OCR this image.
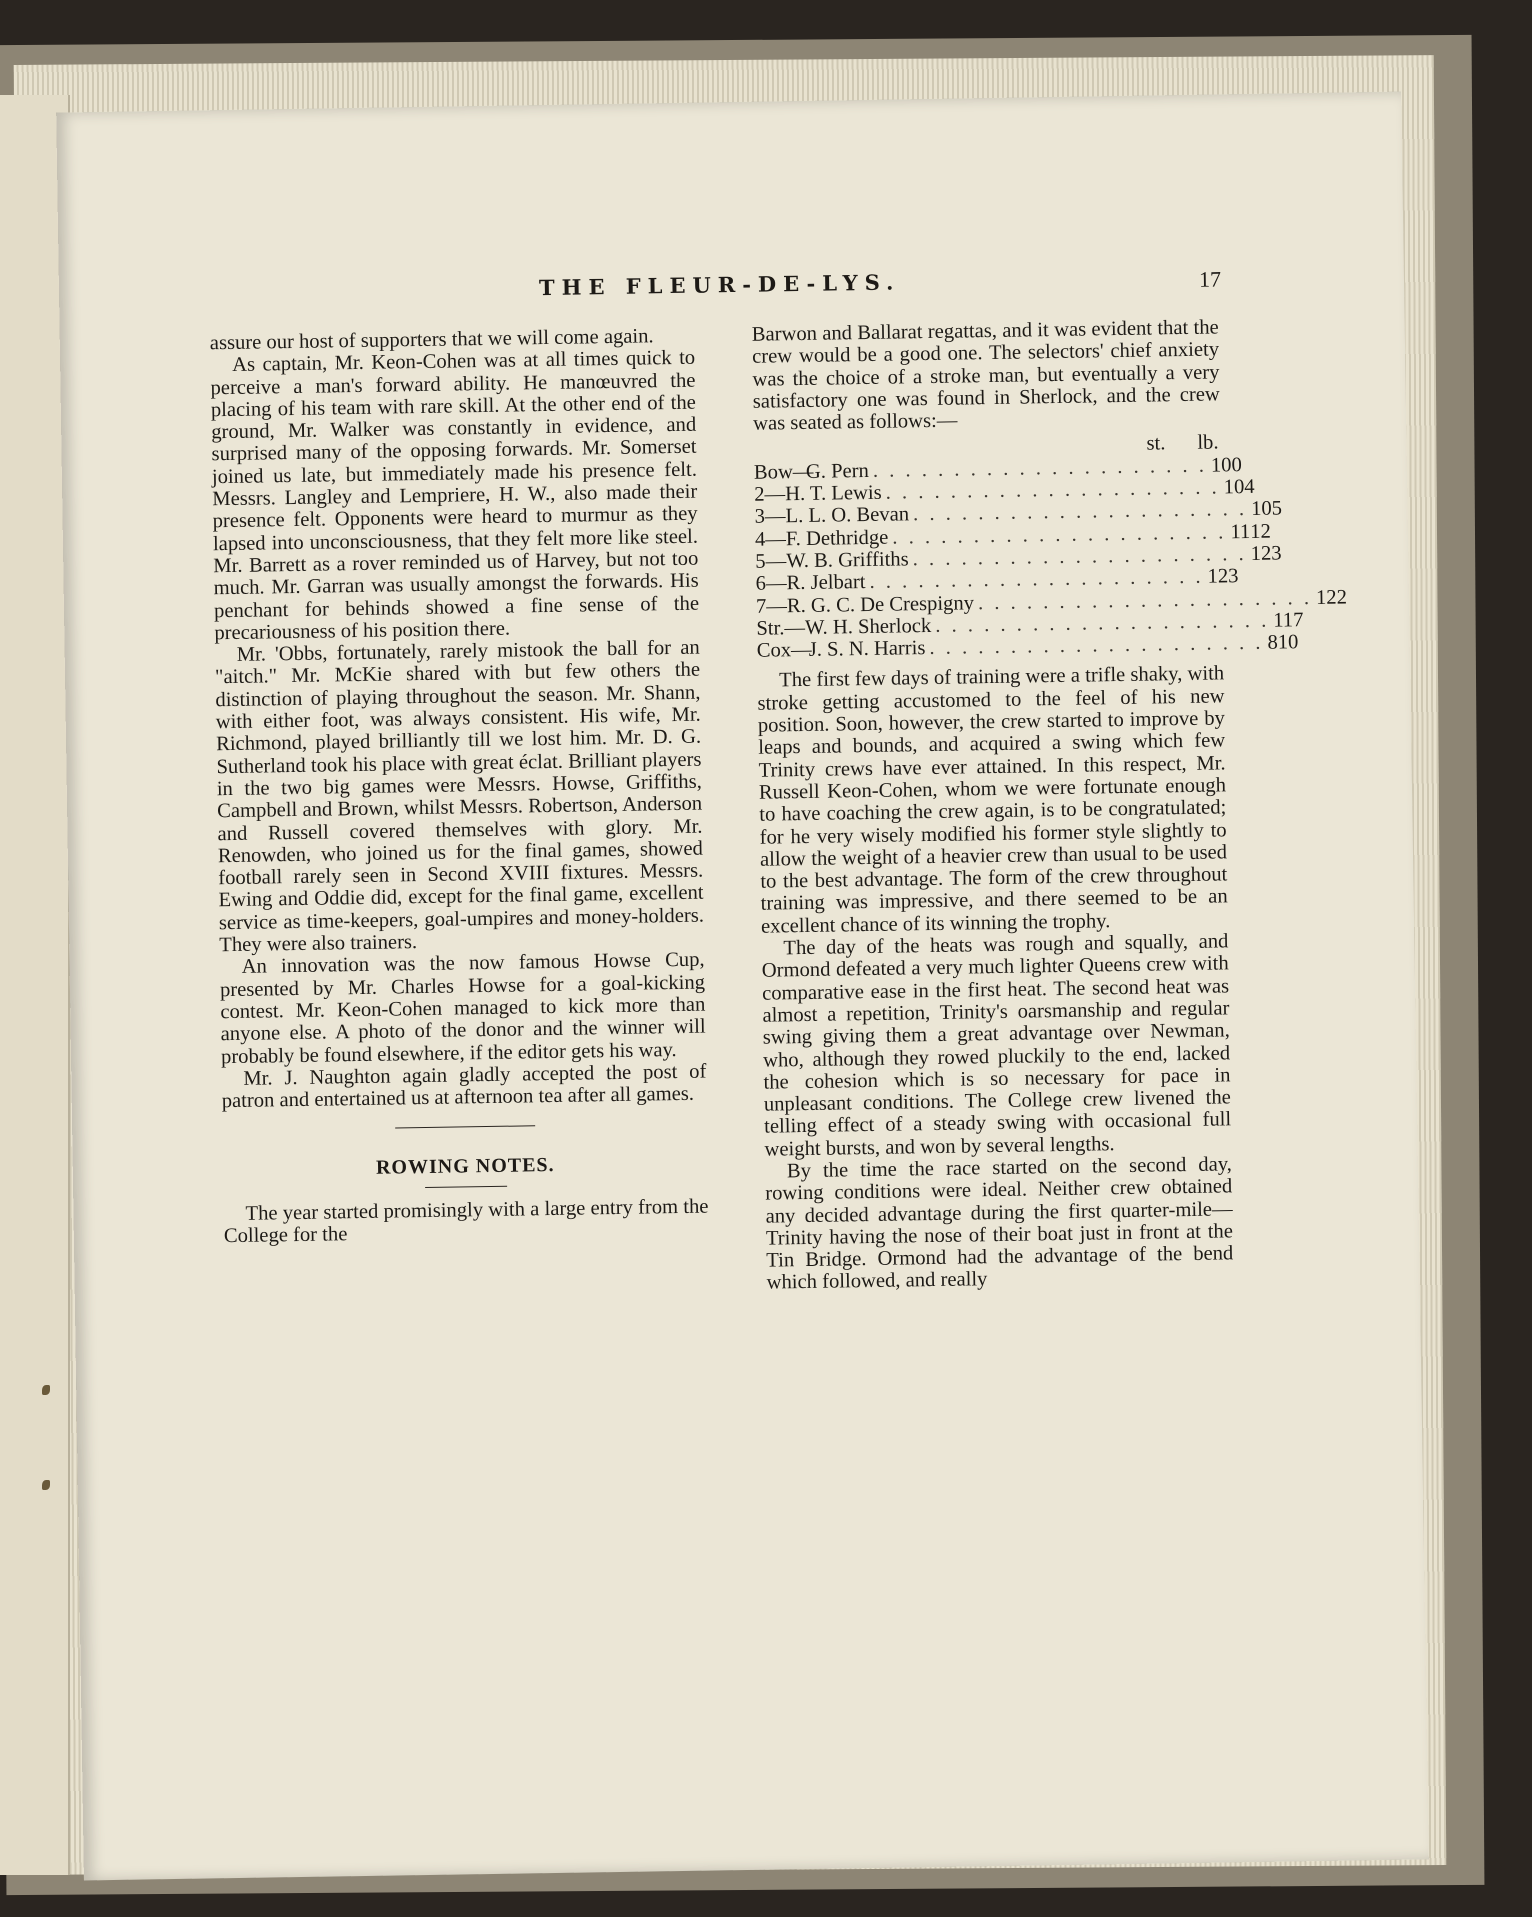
THE FLEUR-DE-LYS.	17

assure our host of supporters that we will come again.

As captain, Mr. Keon-Cohen was at all times quick to perceive a man's forward ability. He manœuvred the placing of his team with rare skill. At the other end of the ground, Mr. Walker was constantly in evidence, and surprised many of the opposing forwards. Mr. Somerset joined us late, but immediately made his presence felt. Messrs. Langley and Lempriere, H. W., also made their presence felt. Opponents were heard to murmur as they lapsed into unconsciousness, that they felt more like steel. Mr. Barrett as a rover reminded us of Harvey, but not too much. Mr. Garran was usually amongst the forwards. His penchant for behinds showed a fine sense of the precariousness of his position there.

Mr. 'Obbs, fortunately, rarely mistook the ball for an "aitch." Mr. McKie shared with but few others the distinction of playing throughout the season. Mr. Shann, with either foot, was always consistent. His wife, Mr. Richmond, played brilliantly till we lost him. Mr. D. G. Sutherland took his place with great éclat. Brilliant players in the two big games were Messrs. Howse, Griffiths, Campbell and Brown, whilst Messrs. Robertson, Anderson and Russell covered themselves with glory. Mr. Renowden, who joined us for the final games, showed football rarely seen in Second XVIII fixtures. Messrs. Ewing and Oddie did, except for the final game, excellent service as time-keepers, goal-umpires and money-holders. They were also trainers.

An innovation was the now famous Howse Cup, presented by Mr. Charles Howse for a goal-kicking contest. Mr. Keon-Cohen managed to kick more than anyone else. A photo of the donor and the winner will probably be found elsewhere, if the editor gets his way.

Mr. J. Naughton again gladly accepted the post of patron and entertained us at afternoon tea after all games.

ROWING NOTES.

The year started promisingly with a large entry from the College for the

Barwon and Ballarat regattas, and it was evident that the crew would be a good one. The selectors' chief anxiety was the choice of a stroke man, but eventually a very satisfactory one was found in Sherlock, and the crew was seated as follows:—

st.	lb.
Bow—
G. Pern . . . . . . . . . . . . . . . . . . . . . 10 0
2— H. T. Lewis . . . . . . . . . . . . . . . . . . . . . 10 4
3— L. L. O. Bevan . . . . . . . . . . . . . . . . . . . . . 10 5
4— F. Dethridge . . . . . . . . . . . . . . . . . . . . . 11 12
5— W. B. Griffiths . . . . . . . . . . . . . . . . . . . . . 12 3
6— R. Jelbart . . . . . . . . . . . . . . . . . . . . . 12 3
7— R. G. C. De Crespigny . . . . . . . . . . . . . . . . . . . . . 12 2
Str.— W. H. Sherlock . . . . . . . . . . . . . . . . . . . . . 11 7
Cox—
J. S. N. Harris . . . . . . . . . . . . . . . . . . . . . 8 10

The first few days of training were a trifle shaky, with stroke getting accustomed to the feel of his new position. Soon, however, the crew started to improve by leaps and bounds, and acquired a swing which few Trinity crews have ever attained. In this respect, Mr. Russell Keon-Cohen, whom we were fortunate enough to have coaching the crew again, is to be congratulated; for he very wisely modified his former style slightly to allow the weight of a heavier crew than usual to be used to the best advantage. The form of the crew throughout training was impressive, and there seemed to be an excellent chance of its winning the trophy.

The day of the heats was rough and squally, and Ormond defeated a very much lighter Queens crew with comparative ease in the first heat. The second heat was almost a repetition, Trinity's oarsmanship and regular swing giving them a great advantage over Newman, who, although they rowed pluckily to the end, lacked the cohesion which is so necessary for pace in unpleasant conditions. The College crew livened the telling effect of a steady swing with occasional full weight bursts, and won by several lengths.

By the time the race started on the second day, rowing conditions were ideal. Neither crew obtained any decided advantage during the first quarter-mile—Trinity having the nose of their boat just in front at the Tin Bridge. Ormond had the advantage of the bend which followed, and really
